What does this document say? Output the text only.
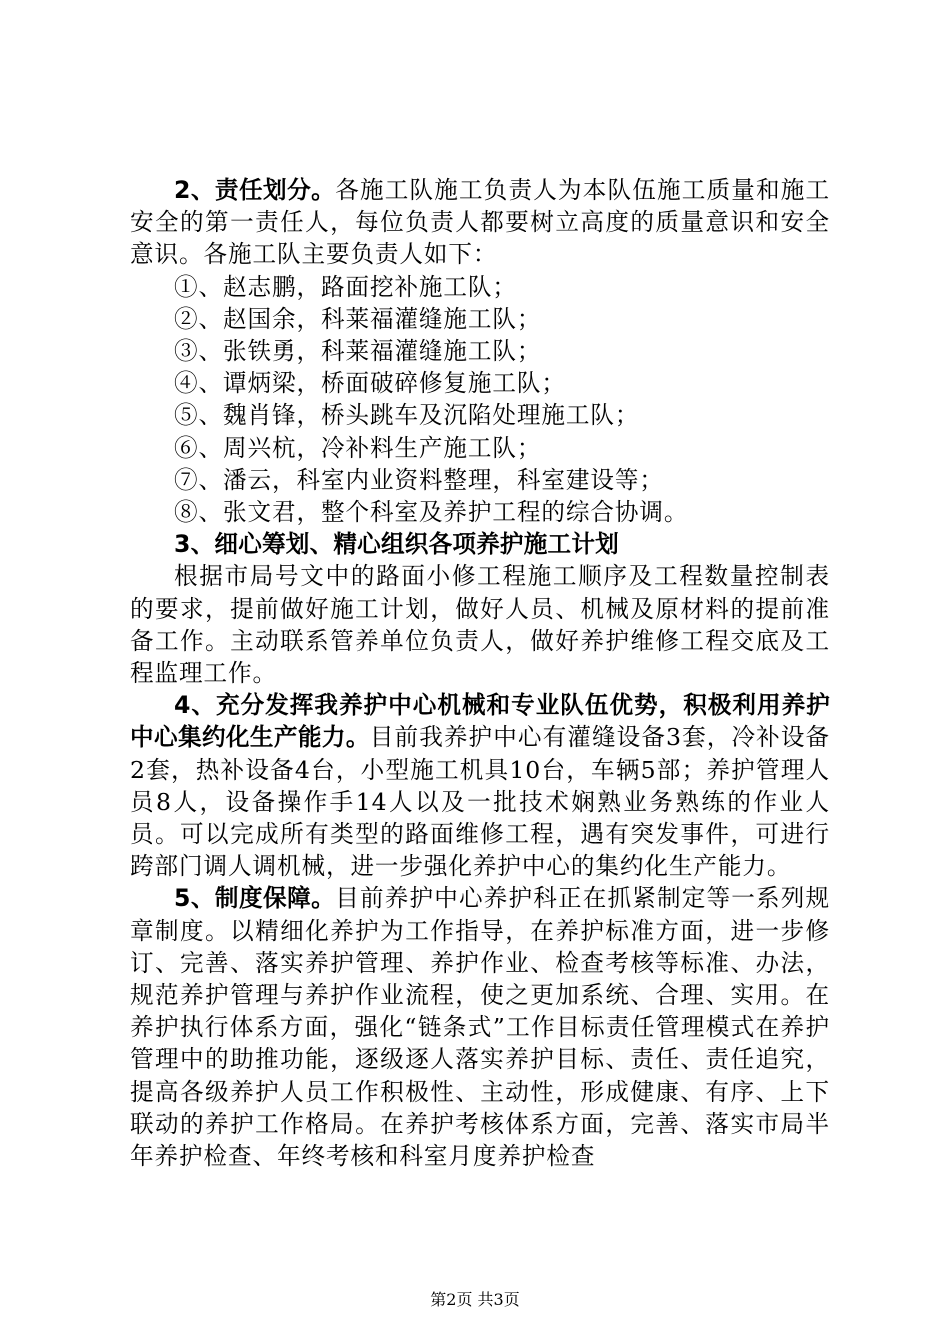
2、责任划分。各施工队施工负责人为本队伍施工质量和施工安全的第一责任人，每位负责人都要树立高度的质量意识和安全意识。各施工队主要负责人如下：

①、赵志鹏，路面挖补施工队；

②、赵国余，科莱福灌缝施工队；

③、张铁勇，科莱福灌缝施工队；

④、谭炳梁，桥面破碎修复施工队；

⑤、魏肖锋，桥头跳车及沉陷处理施工队；

⑥、周兴杭，冷补料生产施工队；

⑦、潘云，科室内业资料整理，科室建设等；

⑧、张文君，整个科室及养护工程的综合协调。

3、细心筹划、精心组织各项养护施工计划

根据市局号文中的路面小修工程施工顺序及工程数量控制表的要求，提前做好施工计划，做好人员、机械及原材料的提前准备工作。主动联系管养单位负责人，做好养护维修工程交底及工程监理工作。

4、充分发挥我养护中心机械和专业队伍优势，积极利用养护中心集约化生产能力。目前我养护中心有灌缝设备3套，冷补设备2套，热补设备4台，小型施工机具10台，车辆5部；养护管理人员8人，设备操作手14人以及一批技术娴熟业务熟练的作业人员。可以完成所有类型的路面维修工程，遇有突发事件，可进行跨部门调人调机械，进一步强化养护中心的集约化生产能力。

5、制度保障。目前养护中心养护科正在抓紧制定等一系列规章制度。以精细化养护为工作指导，在养护标准方面，进一步修订、完善、落实养护管理、养护作业、检查考核等标准、办法，规范养护管理与养护作业流程，使之更加系统、合理、实用。在养护执行体系方面，强化“链条式”工作目标责任管理模式在养护管理中的助推功能，逐级逐人落实养护目标、责任、责任追究，提高各级养护人员工作积极性、主动性，形成健康、有序、上下联动的养护工作格局。在养护考核体系方面，完善、落实市局半年养护检查、年终考核和科室月度养护检查

第2页 共3页
